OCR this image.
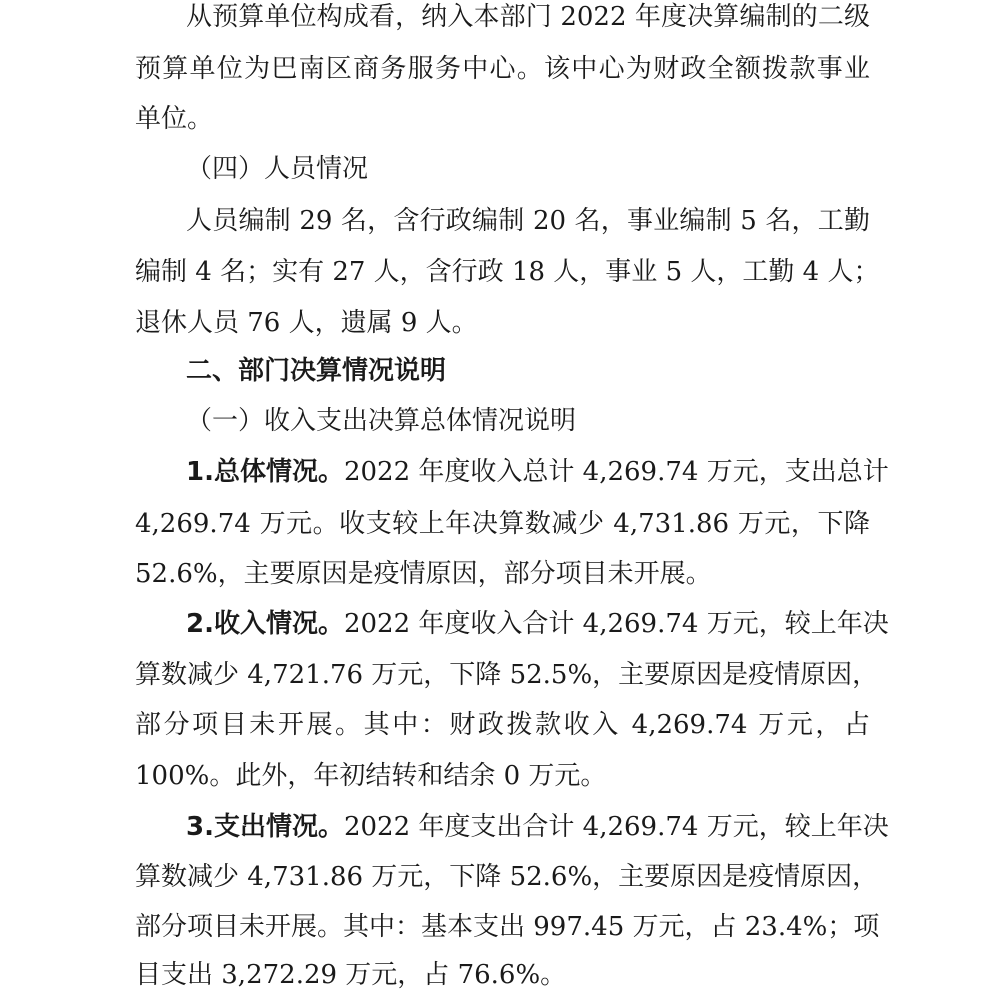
从预算单位构成看，纳入本部门 2022 年度决算编制的二级
预算单位为巴南区商务服务中心。该中心为财政全额拨款事业
单位。
（四）人员情况
人员编制 29 名，含行政编制 20 名，事业编制 5 名，工勤
编制 4 名；实有 27 人，含行政 18 人，事业 5 人，工勤 4 人；
退休人员 76 人，遗属 9 人。
二、部门决算情况说明
（一）收入支出决算总体情况说明
1.总体情况。2022 年度收入总计 4,269.74 万元，支出总计
4,269.74 万元。收支较上年决算数减少 4,731.86 万元，下降
52.6%，主要原因是疫情原因，部分项目未开展。
2.收入情况。2022 年度收入合计 4,269.74 万元，较上年决
算数减少 4,721.76 万元，下降 52.5%，主要原因是疫情原因，
部分项目未开展。其中：财政拨款收入 4,269.74 万元，占
100%。此外，年初结转和结余 0 万元。
3.支出情况。2022 年度支出合计 4,269.74 万元，较上年决
算数减少 4,731.86 万元，下降 52.6%，主要原因是疫情原因，
部分项目未开展。其中：基本支出 997.45 万元，占 23.4%；项
目支出 3,272.29 万元，占 76.6%。
